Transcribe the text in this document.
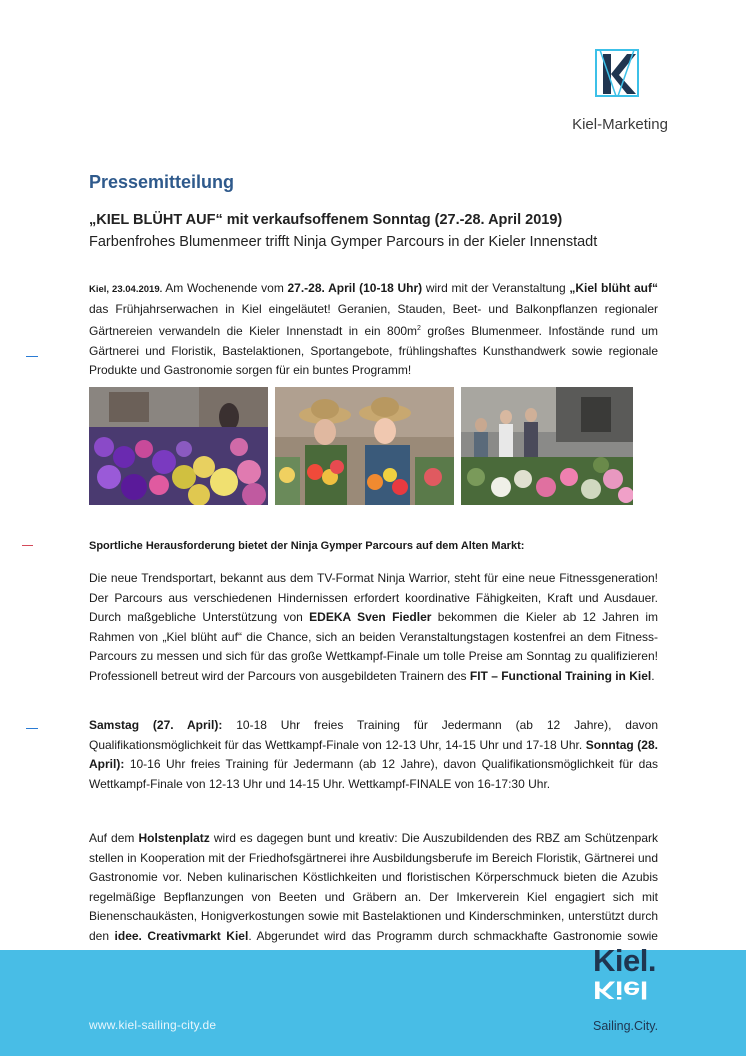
Kiel-Marketing
Pressemitteilung
„KIEL BLÜHT AUF“ mit verkaufsoffenem Sonntag (27.-28. April 2019)
Farbenfrohes Blumenmeer trifft Ninja Gymper Parcours in der Kieler Innenstadt
Kiel, 23.04.2019. Am Wochenende vom 27.-28. April (10-18 Uhr) wird mit der Veranstaltung „Kiel blüht auf“ das Frühjahrserwachen in Kiel eingeläutet! Geranien, Stauden, Beet- und Balkonpflanzen regionaler Gärtnereien verwandeln die Kieler Innenstadt in ein $800m^2$ großes Blumenmeer. Infostände rund um Gärtnerei und Floristik, Bastelaktionen, Sportangebote, frühlingshaftes Kunsthandwerk sowie regionale Produkte und Gastronomie sorgen für ein buntes Programm!
Sportliche Herausforderung bietet der Ninja Gymper Parcours auf dem Alten Markt:
Die neue Trendsportart, bekannt aus dem TV-Format Ninja Warrior, steht für eine neue Fitnessgeneration! Der Parcours aus verschiedenen Hindernissen erfordert koordinative Fähigkeiten, Kraft und Ausdauer. Durch maßgebliche Unterstützung von EDEKA Sven Fiedler bekommen die Kieler ab 12 Jahren im Rahmen von „Kiel blüht auf“ die Chance, sich an beiden Veranstaltungstagen kostenfrei an dem Fitness-Parcours zu messen und sich für das große Wettkampf-Finale um tolle Preise am Sonntag zu qualifizieren! Professionell betreut wird der Parcours von ausgebildeten Trainern des FIT – Functional Training in Kiel.
Samstag (27. April): 10-18 Uhr freies Training für Jedermann (ab 12 Jahre), davon Qualifikationsmöglichkeit für das Wettkampf-Finale von 12-13 Uhr, 14-15 Uhr und 17-18 Uhr. Sonntag (28. April): 10-16 Uhr freies Training für Jedermann (ab 12 Jahre), davon Qualifikationsmöglichkeit für das Wettkampf-Finale von 12-13 Uhr und 14-15 Uhr. Wettkampf-FINALE von 16-17:30 Uhr.
Auf dem Holstenplatz wird es dagegen bunt und kreativ: Die Auszubildenden des RBZ am Schützenpark stellen in Kooperation mit der Friedhofsgärtnerei ihre Ausbildungsberufe im Bereich Floristik, Gärtnerei und Gastronomie vor. Neben kulinarischen Köstlichkeiten und floristischen Körperschmuck bieten die Azubis regelmäßige Bepflanzungen von Beeten und Gräbern an. Der Imkerverein Kiel engagiert sich mit Bienenschaukästen, Honigverkostungen sowie mit Bastelaktionen und Kinderschminken, unterstützt durch den idee. Creativmarkt Kiel. Abgerundet wird das Programm durch schmackhafte Gastronomie sowie
www.kiel-sailing-city.de
Kiel.
Kiel
Sailing.City.
